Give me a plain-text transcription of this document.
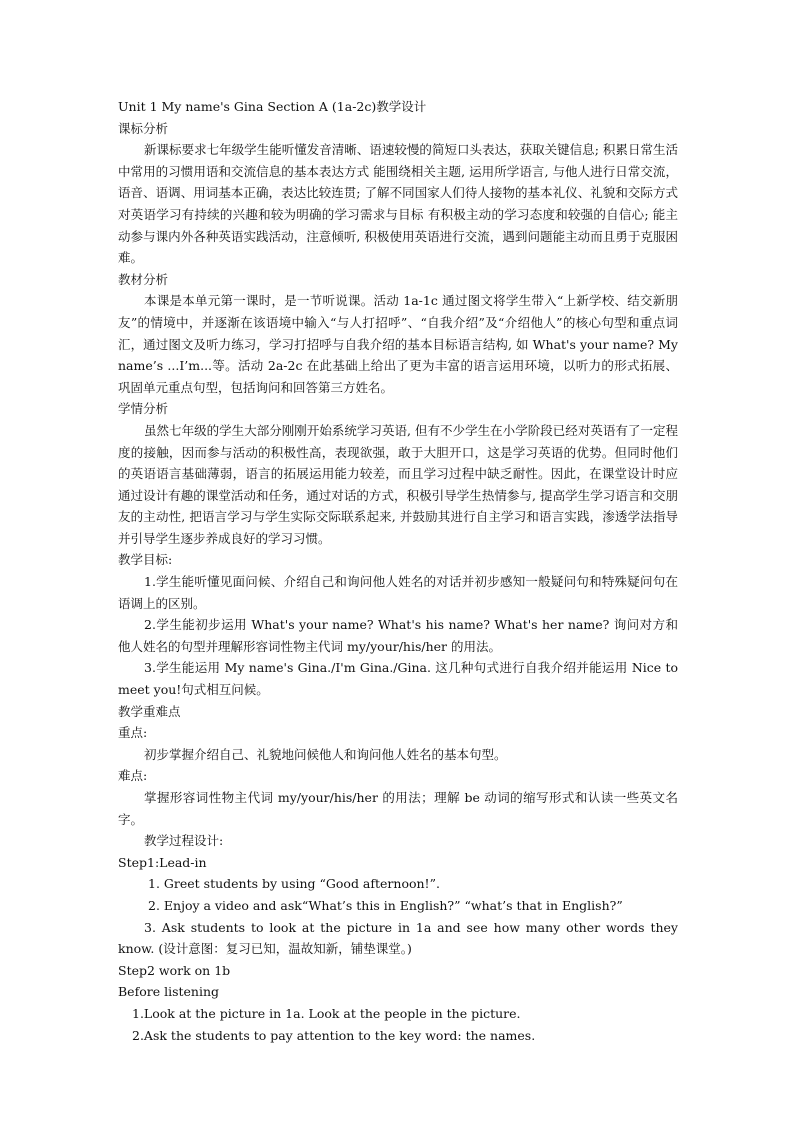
Unit 1 My name's Gina Section A (1a-2c)教学设计

课标分析

新课标要求七年级学生能听懂发音清晰、语速较慢的简短口头表达，获取关键信息; 积累日常生活中常用的习惯用语和交流信息的基本表达方式 能围绕相关主题, 运用所学语言, 与他人进行日常交流，语音、语调、用词基本正确，表达比较连贯; 了解不同国家人们待人接物的基本礼仪、礼貌和交际方式 对英语学习有持续的兴趣和较为明确的学习需求与目标 有积极主动的学习态度和较强的自信心; 能主动参与课内外各种英语实践活动，注意倾听, 积极使用英语进行交流，遇到问题能主动而且勇于克服困难。

教材分析

本课是本单元第一课时，是一节听说课。活动 1a-1c 通过图文将学生带入“上新学校、结交新朋友”的情境中，并逐渐在该语境中输入“与人打招呼”、“自我介绍”及“介绍他人”的核心句型和重点词汇，通过图文及听力练习，学习打招呼与自我介绍的基本目标语言结构, 如 What's your name? My name’s ...I’m...等。活动 2a-2c 在此基础上给出了更为丰富的语言运用环境，以听力的形式拓展、巩固单元重点句型，包括询问和回答第三方姓名。

学情分析

虽然七年级的学生大部分刚刚开始系统学习英语, 但有不少学生在小学阶段已经对英语有了一定程度的接触，因而参与活动的积极性高，表现欲强，敢于大胆开口，这是学习英语的优势。但同时他们的英语语言基础薄弱，语言的拓展运用能力较差，而且学习过程中缺乏耐性。因此，在课堂设计时应通过设计有趣的课堂活动和任务，通过对话的方式，积极引导学生热情参与, 提高学生学习语言和交朋友的主动性, 把语言学习与学生实际交际联系起来, 并鼓励其进行自主学习和语言实践，渗透学法指导并引导学生逐步养成良好的学习习惯。

教学目标:

1.学生能听懂见面问候、介绍自己和询问他人姓名的对话并初步感知一般疑问句和特殊疑问句在语调上的区别。

2.学生能初步运用 What's your name? What's his name? What's her name? 询问对方和他人姓名的句型并理解形容词性物主代词 my/your/his/her 的用法。

3.学生能运用 My name's Gina./I'm Gina./Gina. 这几种句式进行自我介绍并能运用 Nice to meet you!句式相互问候。

教学重难点

重点:

初步掌握介绍自己、礼貌地问候他人和询问他人姓名的基本句型。

难点:

掌握形容词性物主代词 my/your/his/her 的用法；理解 be 动词的缩写形式和认读一些英文名字。

教学过程设计:

Step1:Lead-in

1. Greet students by using “Good afternoon!”.

2. Enjoy a video and ask“What’s this in English?” “what’s that in English?”

3. Ask students to look at the picture in 1a and see how many other words they know. (设计意图：复习已知，温故知新，铺垫课堂。)

Step2 work on 1b

Before listening

1.Look at the picture in 1a. Look at the people in the picture.

2.Ask the students to pay attention to the key word: the names.
